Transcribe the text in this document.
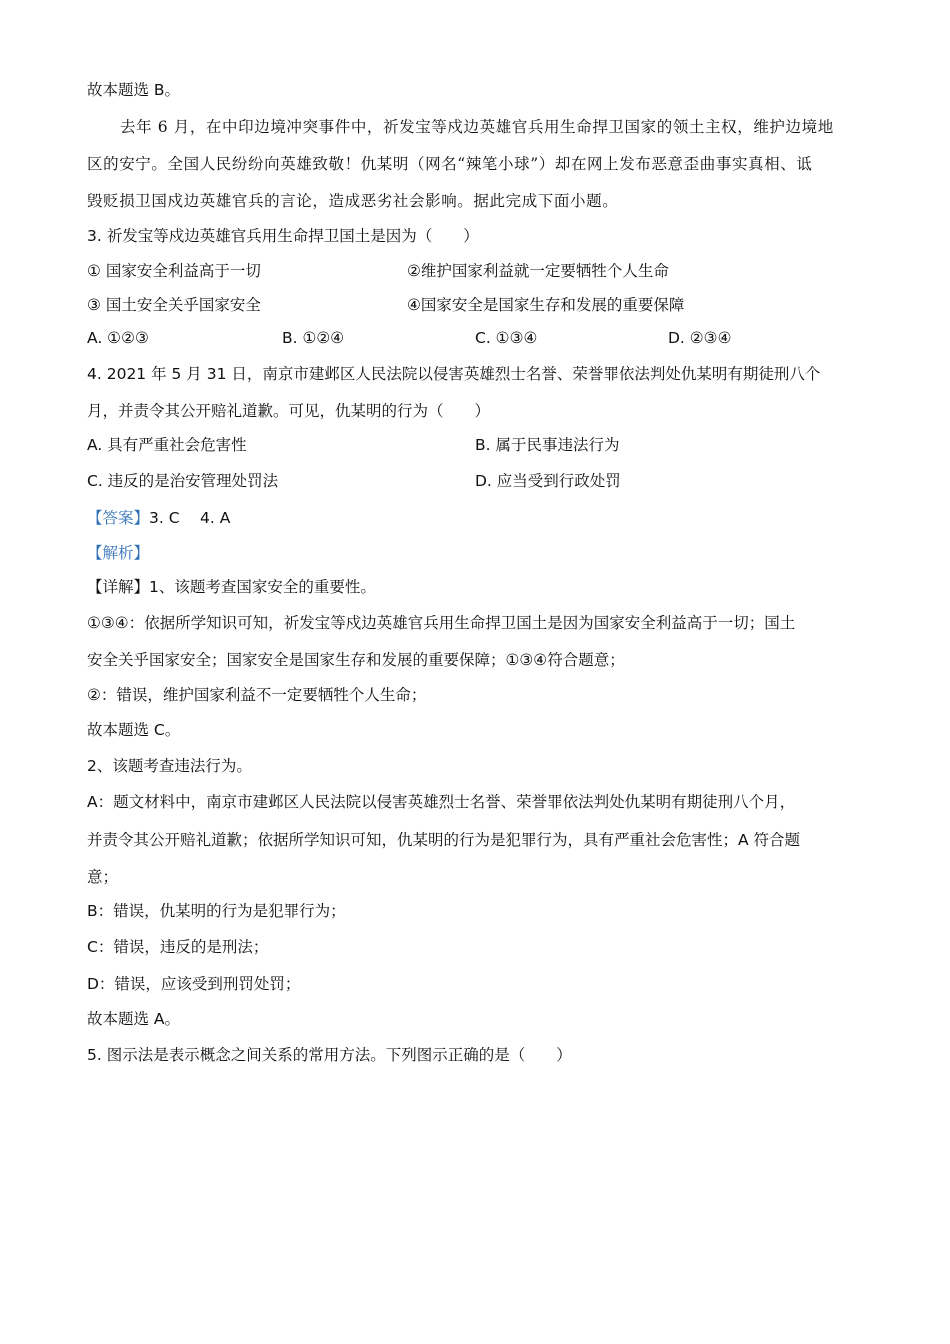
故本题选 B。
去年 6 月，在中印边境冲突事件中，祈发宝等戍边英雄官兵用生命捍卫国家的领土主权，维护边境地
区的安宁。全国人民纷纷向英雄致敬！仇某明（网名“辣笔小球”）却在网上发布恶意歪曲事实真相、诋
毁贬损卫国戍边英雄官兵的言论，造成恶劣社会影响。据此完成下面小题。
3. 祈发宝等戍边英雄官兵用生命捍卫国土是因为（　　）
① 国家安全利益高于一切	②维护国家利益就一定要牺牲个人生命
③ 国土安全关乎国家安全	④国家安全是国家生存和发展的重要保障
A. ①②③	B. ①②④	C. ①③④	D. ②③④
4. 2021 年 5 月 31 日，南京市建邺区人民法院以侵害英雄烈士名誉、荣誉罪依法判处仇某明有期徒刑八个
月，并责令其公开赔礼道歉。可见，仇某明的行为（　　）
A. 具有严重社会危害性	B. 属于民事违法行为
C. 违反的是治安管理处罚法	D. 应当受到行政处罚
【答案】3. C　 4. A
【解析】
【详解】1、该题考查国家安全的重要性。
①③④：依据所学知识可知，祈发宝等戍边英雄官兵用生命捍卫国土是因为国家安全利益高于一切；国土
安全关乎国家安全；国家安全是国家生存和发展的重要保障；①③④符合题意；
②：错误，维护国家利益不一定要牺牲个人生命；
故本题选 C。
2、该题考查违法行为。
A：题文材料中，南京市建邺区人民法院以侵害英雄烈士名誉、荣誉罪依法判处仇某明有期徒刑八个月，
并责令其公开赔礼道歉；依据所学知识可知，仇某明的行为是犯罪行为，具有严重社会危害性；A 符合题
意；
B：错误，仇某明的行为是犯罪行为；
C：错误，违反的是刑法；
D：错误，应该受到刑罚处罚；
故本题选 A。
5. 图示法是表示概念之间关系的常用方法。下列图示正确的是（　　）
